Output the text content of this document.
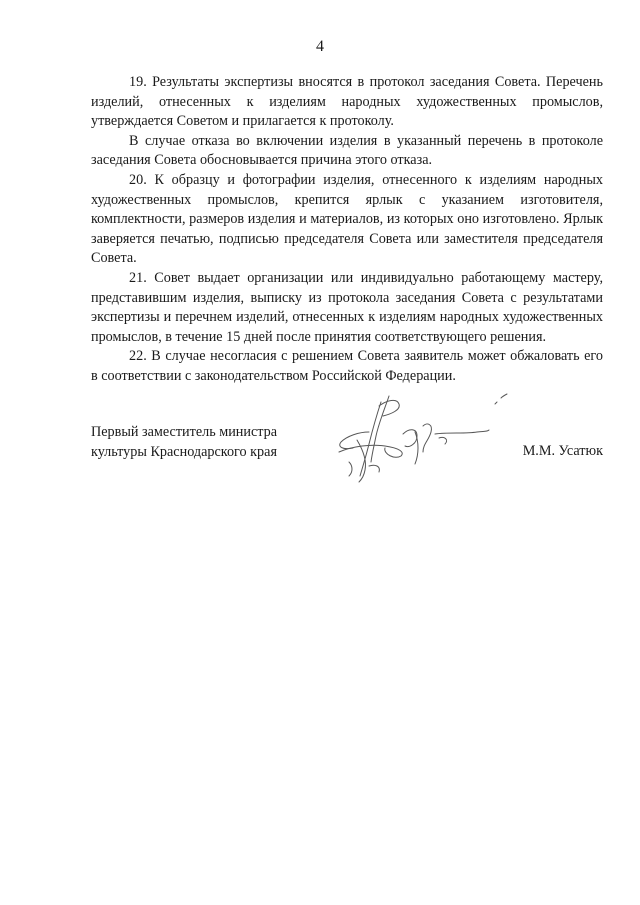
4

19. Результаты экспертизы вносятся в протокол заседания Совета. Перечень изделий, отнесенных к изделиям народных художественных промыслов, утверждается Советом и прилагается к протоколу.

В случае отказа во включении изделия в указанный перечень в протоколе заседания Совета обосновывается причина этого отказа.

20. К образцу и фотографии изделия, отнесенного к изделиям народных художественных промыслов, крепится ярлык с указанием изготовителя, комплектности, размеров изделия и материалов, из которых оно изготовлено. Ярлык заверяется печатью, подписью председателя Совета или заместителя председателя Совета.

21. Совет выдает организации или индивидуально работающему мастеру, представившим изделия, выписку из протокола заседания Совета с результатами экспертизы и перечнем изделий, отнесенных к изделиям народных художественных промыслов, в течение 15 дней после принятия соответствующего решения.

22. В случае несогласия с решением Совета заявитель может обжаловать его в соответствии с законодательством Российской Федерации.

Первый заместитель министра
культуры Краснодарского края	М.М. Усатюк
